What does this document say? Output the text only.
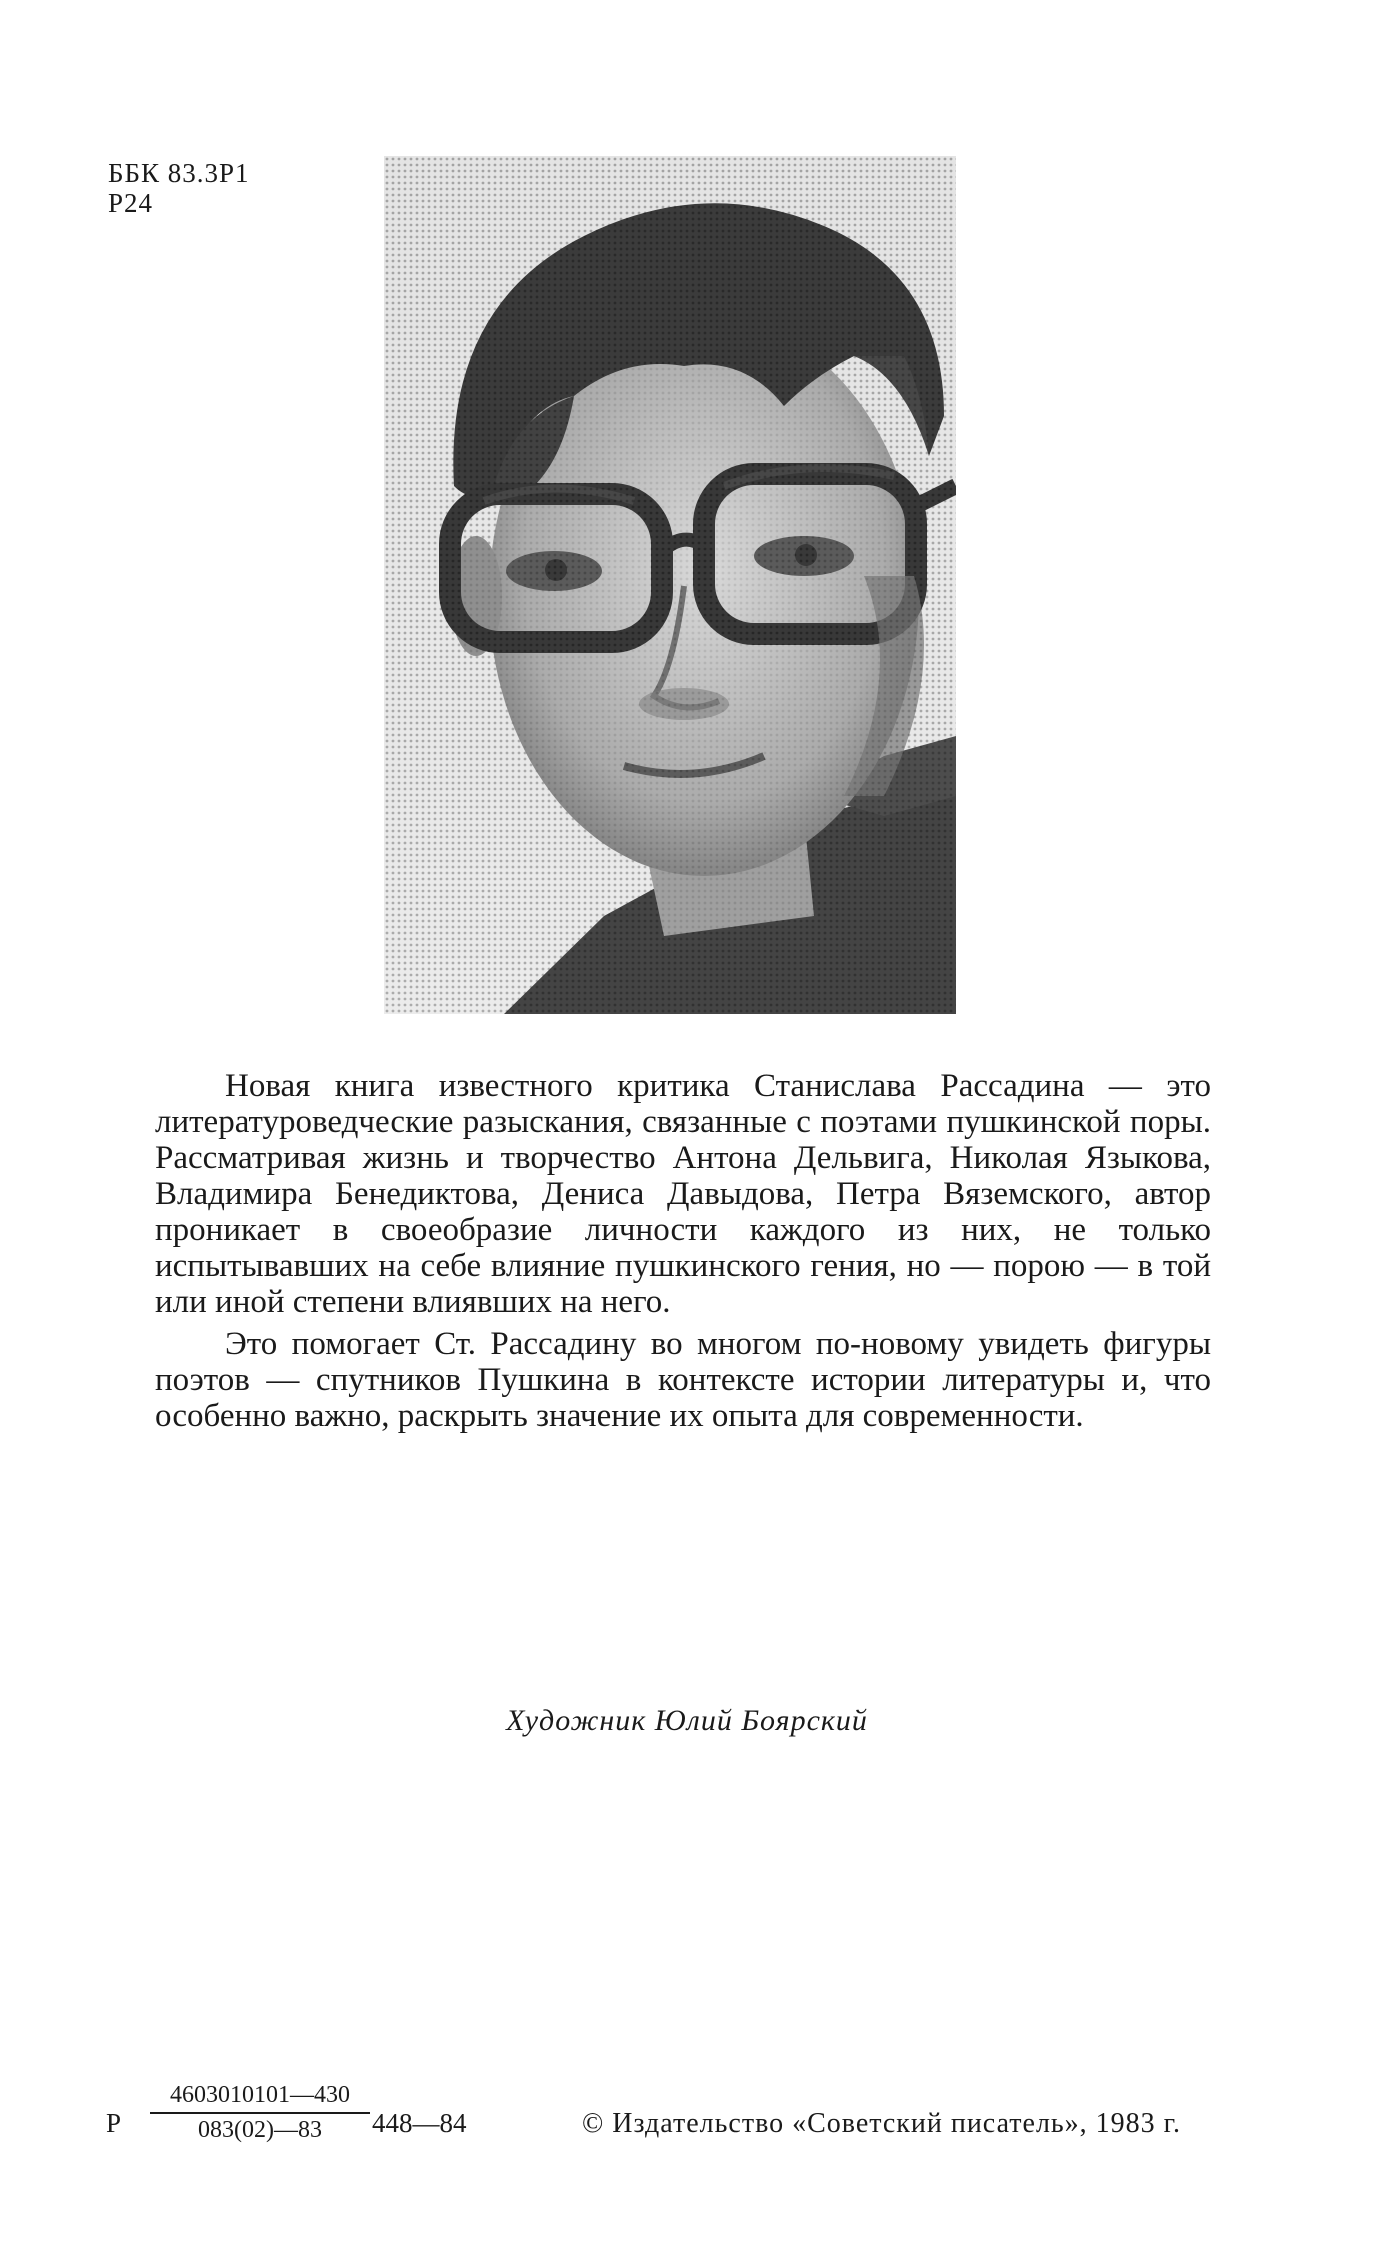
ББК 83.3Р1
Р24

Новая книга известного критика Станислава Рассадина — это литературоведческие разыскания, связанные с поэтами пушкинской поры. Рассматривая жизнь и творчество Антона Дельвига, Николая Языкова, Владимира Бенедиктова, Дениса Давыдова, Петра Вяземского, автор проникает в своеобразие личности каждого из них, не только испытывавших на себе влияние пушкинского гения, но — порою — в той или иной степени влиявших на него.

Это помогает Ст. Рассадину во многом по-новому увидеть фигуры поэтов — спутников Пушкина в контексте истории литературы и, что особенно важно, раскрыть значение их опыта для современности.

Художник Юлий Боярский
Р $\frac{4603010101—430}{083(02)—83}$ 448—84	© Издательство «Советский писатель», 1983 г.
